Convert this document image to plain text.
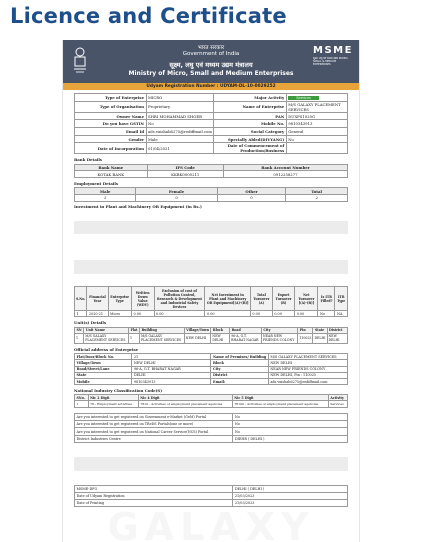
Licence and Certificate
भारत सरकार
Government of India
सूक्ष्म, लघु एवं मध्यम उद्यम मंत्रालय
Ministry of Micro, Small and Medium Enterprises
MSME
सूक्ष्म, लघु एवं मध्यम उद्यम MICRO, SMALL & MEDIUM ENTERPRISES
Udyam Registration Number : UDYAM-DL-10-0029252
Type of Enterprise	MICRO	Major Activity	Services
Type of Organisation	Proprietary	Name of Enterprise	M/S GALAXY PLACEMENT SERVICES
Owner Name	SHRI MOHAMMAD SHOEB	PAN	DUXPS1020G
Do you have GSTIN	No	Mobile No.	9810343913
Email Id	ads.vaishali6275@rediffmail.com	Social Category	General
Gender	Male	Specially Abled(DIVYANG)	No
Date of Incorporation	01/04/2021	Date of Commencement of Production/Business	
Bank Details
Bank Name	IFS Code	Bank Account Number
KOTAK BANK	KKBK0000211	0912258277
Employment Details
Male	Female	Other	Total
2	0	0	2
Investment in Plant and Machinery OR Equipment (in Rs.)
S.No.	Financial Year	Enterprise Type	Written Down Value (WDV)	Exclusion of cost of Pollution Control, Research & Development and Industrial Safety Devices	Net Investment in Plant and Machinery OR Equipment[(A)-(B)]	Total Turnover (A)	Export Turnover (B)	Net Turnover [(A)-(B)]	Is ITR Filled?	ITR Type
1	2020-21	Micro	0.00	0.00	0.00	0.00	0.00	0.00	No	NA
Unit(s) Details
SN	Unit Name	Flat	Building	Village/Town	Block	Road	City	Pin	State	District
1	M/S GALAXY PLACEMENT SERVICES	1	M/S GALAXY PLACEMENT SERVICES	NEW DELHI	NEW DELHI	96-A, G.T. BHARAT NAGAR	NEAR NEW FRIENDS COLONY	110025	DELHI	NEW DELHI
Official address of Enterprise
Flat/Door/Block No.	21	Name of Premises/ Building	M/S GALAXY PLACEMENT SERVICES
Village/Town	NEW DELHI	Block	NEW DELHI
Road/Street/Lane	96-A, G.T. BHARAT NAGAR	City	NEAR NEW FRIENDS COLONY
State	DELHI	District	NEW DELHI, Pin : 110025
Mobile	9810343913	Email:	ads.vaishali6275@rediffmail.com
National Industry Classification Code(S)
SNo.	Nic 2 Digit	Nic 4 Digit	Nic 5 Digit	Activity
1	78 - Employment activities	7810 - Activities of employment placement agencies	78100 - Activities of employment placement agencies	Services
Are you interested to get registered on Government e-Market (GeM) Portal	No
Are you interested to get registered on TReDS Portals(one or more)	No
Are you interested to get registered on National Career Service(NCS) Portal	No
District Industries Centre	DIEHR ( DELHI )
MSME-DFO	DELHI ( DELHI )
Date of Udyam Registration	21/03/2023
Date of Printing	21/03/2023
GALAXY
